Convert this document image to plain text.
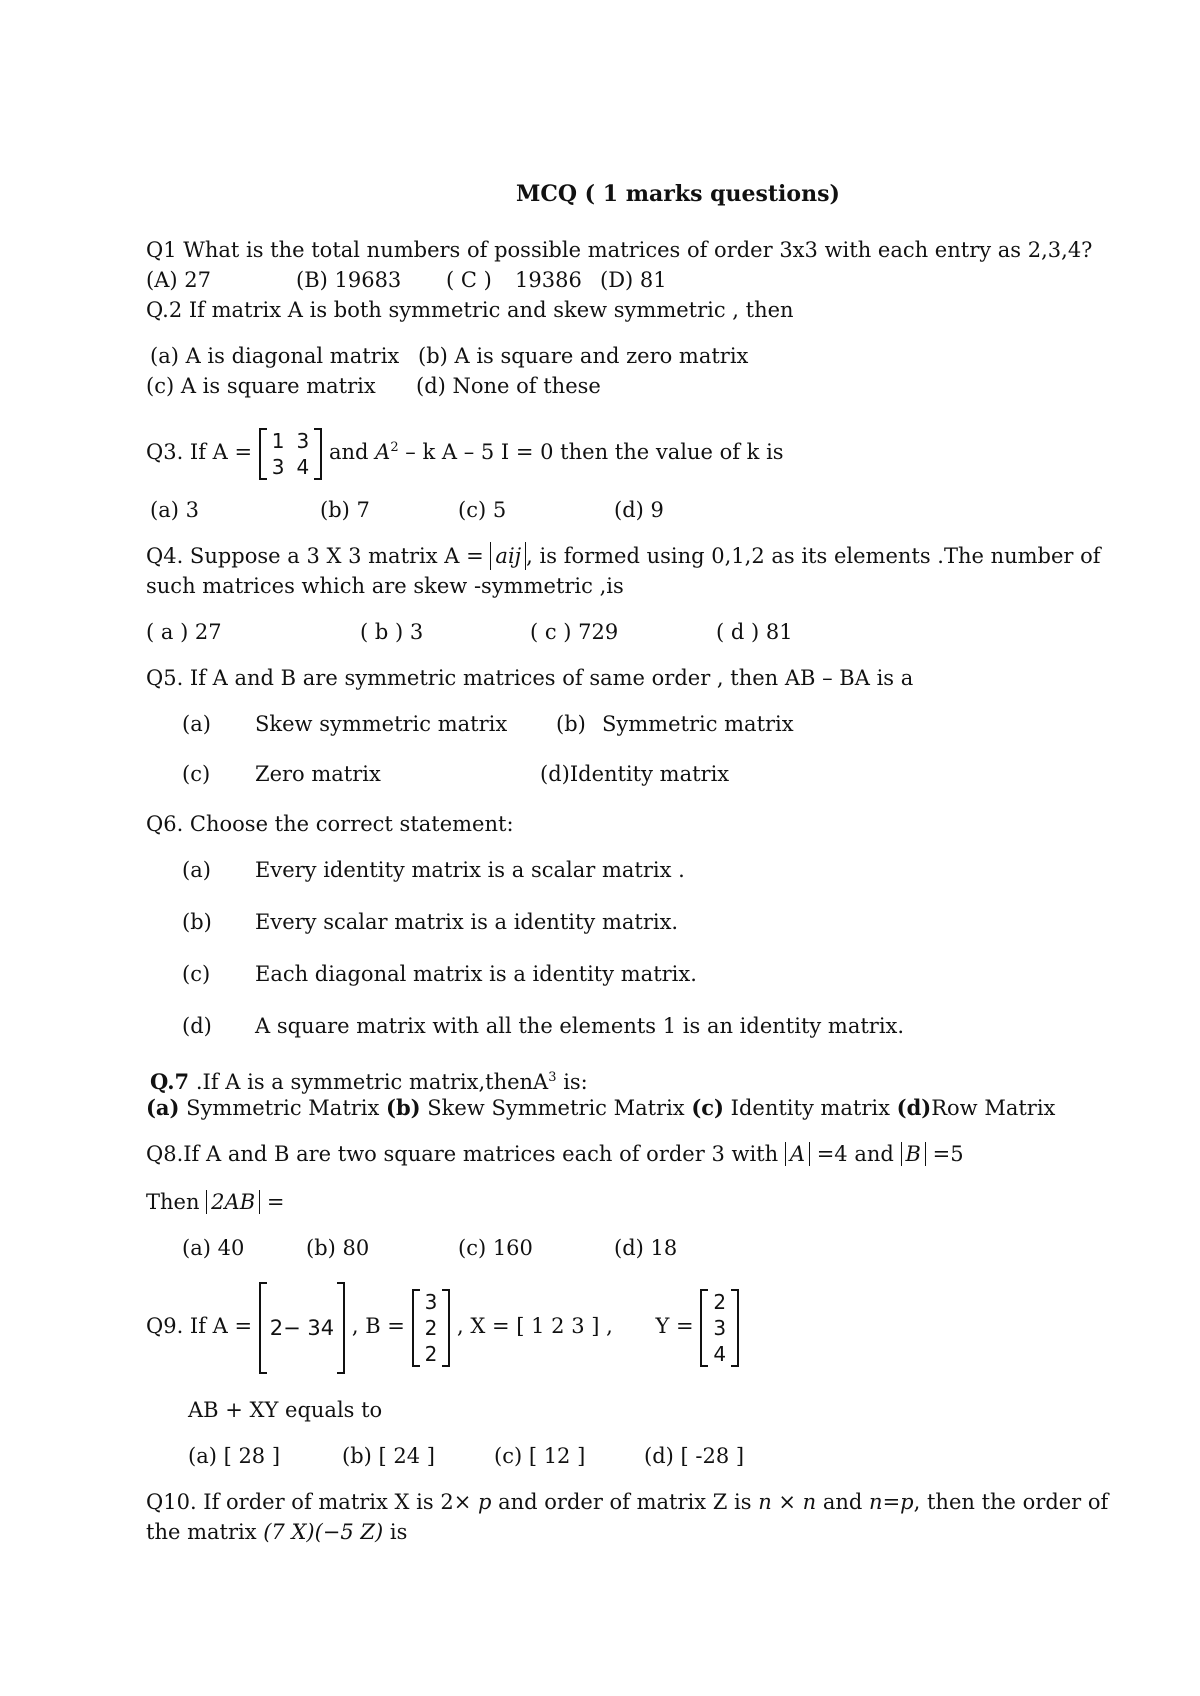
MCQ ( 1 marks questions)
Q1 What is the total numbers of possible matrices of order 3x3 with each entry as 2,3,4?
(A) 27	(B) 19683 ( C ) 19386 (D) 81
Q.2 If matrix A is both symmetric and skew symmetric , then
(a) A is diagonal matrix (b) A is square and zero matrix
(c) A is square matrix (d) None of these
Q3. If A = 1	3
3	4
and $A^2$ – k A – 5 I = 0 then the value of k is
(a) 3	(b) 7	(c) 5	(d) 9
Q4. Suppose a 3 X 3 matrix A = aij , is formed using 0,1,2 as its elements .The number of
such matrices which are skew -symmetric ,is
( a ) 27	( b ) 3	( c ) 729	( d ) 81
Q5. If A and B are symmetric matrices of same order , then AB – BA is a
(a) Skew symmetric matrix (b) Symmetric matrix
(c) Zero matrix	(d)Identity matrix
Q6. Choose the correct statement:
(a) Every identity matrix is a scalar matrix .
(b) Every scalar matrix is a identity matrix.
(c) Each diagonal matrix is a identity matrix.
(d) A square matrix with all the elements 1 is an identity matrix.
Q.7 .If A is a symmetric matrix,thenA$^3$ is:
(a) Symmetric Matrix (b) Skew Symmetric Matrix (c) Identity matrix (d)Row Matrix
Q8.If A and B are two square matrices each of order 3 with A =4 and B =5
Then 2AB =
(a) 40	(b) 80	(c) 160	(d) 18
Q9. If A = 2− 34 , B =
3
2
2
, X = [ 1 2 3 ] , Y =
2
3
4
AB + XY equals to
(a) [ 28 ]	(b) [ 24 ]	(c) [ 12 ]	(d) [ -28 ]
Q10. If order of matrix X is 2× p and order of matrix Z is n × n and n=p, then the order of
the matrix (7 X)(−5 Z) is
